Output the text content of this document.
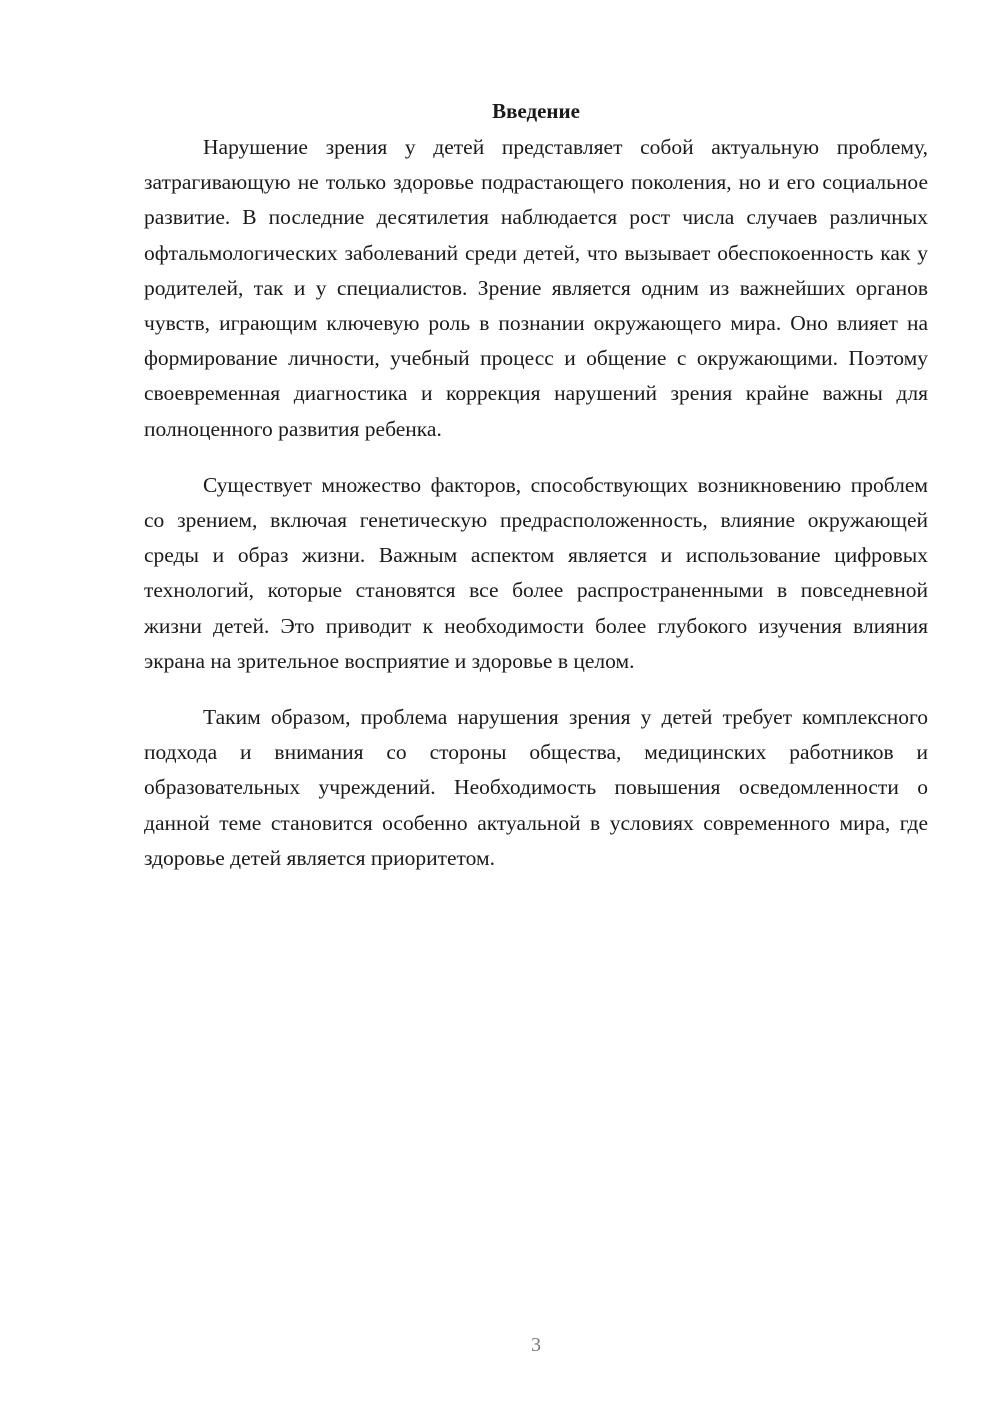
Введение

Нарушение зрения у детей представляет собой актуальную проблему, затрагивающую не только здоровье подрастающего поколения, но и его социальное развитие. В последние десятилетия наблюдается рост числа случаев различных офтальмологических заболеваний среди детей, что вызывает обеспокоенность как у родителей, так и у специалистов. Зрение является одним из важнейших органов чувств, играющим ключевую роль в познании окружающего мира. Оно влияет на формирование личности, учебный процесс и общение с окружающими. Поэтому своевременная диагностика и коррекция нарушений зрения крайне важны для полноценного развития ребенка.

Существует множество факторов, способствующих возникновению проблем со зрением, включая генетическую предрасположенность, влияние окружающей среды и образ жизни. Важным аспектом является и использование цифровых технологий, которые становятся все более распространенными в повседневной жизни детей. Это приводит к необходимости более глубокого изучения влияния экрана на зрительное восприятие и здоровье в целом.

Таким образом, проблема нарушения зрения у детей требует комплексного подхода и внимания со стороны общества, медицинских работников и образовательных учреждений. Необходимость повышения осведомленности о данной теме становится особенно актуальной в условиях современного мира, где здоровье детей является приоритетом.

3
